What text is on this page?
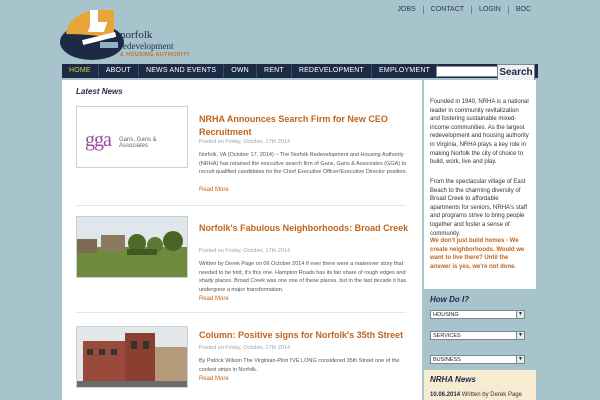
norfolk
redevelopment
& HOUSING AUTHORITY
JOBS	CONTACT	LOGIN	BOC
HOME	ABOUT	NEWS AND EVENTS	OWN	RENT	REDEVELOPMENT	EMPLOYMENT	Search
Latest News
gga Gans, Gans & Associates
NRHA Announces Search Firm for New CEO Recruitment
Posted on Friday, October, 17th 2014
Norfolk, VA (October 17, 2014) – The Norfolk Redevelopment and Housing Authority (NRHA) has retained the executive search firm of Gans, Gans & Associates (GGA) to recruit qualified candidates for the Chief Executive Officer/Executive Director position.
Read More
Norfolk's Fabulous Neighborhoods: Broad Creek
Posted on Friday, October, 17th 2014
Written by Derek Page on 06 October 2014 If ever there were a makeover story that needed to be told, it's this one. Hampton Roads has its fair share of rough edges and shady places. Broad Creek was one one of these places, but in the last decade it has undergone a major transformation.
Read More
Column: Positive signs for Norfolk's 35th Street
Posted on Friday, October, 17th 2014
By Patrick Wilson The Virginian-Pilot I'VE LONG considered 35th Street one of the coolest strips in Norfolk.
Read More
Founded in 1940, NRHA is a national leader in community revitalization and fostering sustainable mixed-income communities. As the largest redevelopment and housing authority in Virginia, NRHA plays a key role in making Norfolk the city of choice to build, work, live and play.
From the spectacular village of East Beach to the charming diversity of Broad Creek to affordable apartments for seniors, NRHA's staff and programs strive to bring people together and foster a sense of community.
We don't just build homes - We create neighborhoods. Would we want to live there? Until the answer is yes, we're not done.
How Do I?
HOUSING	▼
SERVICES	▼
BUSINESS	▼
NRHA News
10.06.2014 Written by Derek Page
